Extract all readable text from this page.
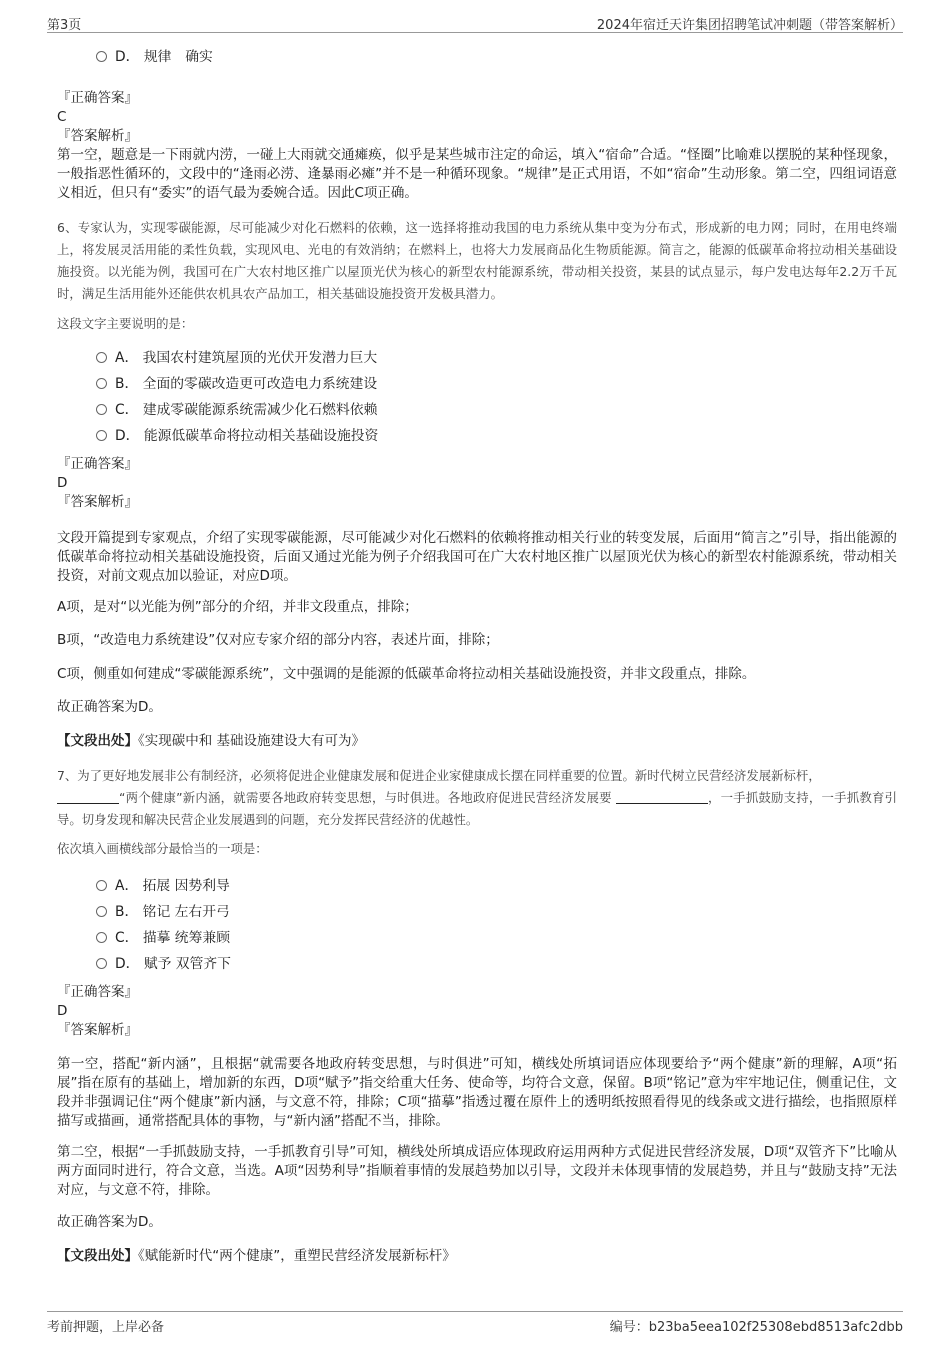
第3页	2024年宿迁天许集团招聘笔试冲刺题（带答案解析）
D． 规律　确实

『正确答案』

C

『答案解析』

第一空，题意是一下雨就内涝，一碰上大雨就交通瘫痪，似乎是某些城市注定的命运，填入“宿命”合适。“怪圈”比喻难以摆脱的某种怪现象，一般指恶性循环的，文段中的“逢雨必涝、逢暴雨必瘫”并不是一种循环现象。“规律”是正式用语，不如“宿命”生动形象。第二空，四组词语意义相近，但只有“委实”的语气最为委婉合适。因此C项正确。

6、专家认为，实现零碳能源，尽可能减少对化石燃料的依赖，这一选择将推动我国的电力系统从集中变为分布式，形成新的电力网；同时，在用电终端上，将发展灵活用能的柔性负载，实现风电、光电的有效消纳；在燃料上，也将大力发展商品化生物质能源。简言之，能源的低碳革命将拉动相关基础设施投资。以光能为例，我国可在广大农村地区推广以屋顶光伏为核心的新型农村能源系统，带动相关投资，某县的试点显示，每户发电达每年2.2万千瓦时，满足生活用能外还能供农机具农产品加工，相关基础设施投资开发极具潜力。

这段文字主要说明的是：

A． 我国农村建筑屋顶的光伏开发潜力巨大
B． 全面的零碳改造更可改造电力系统建设
C． 建成零碳能源系统需减少化石燃料依赖
D． 能源低碳革命将拉动相关基础设施投资

『正确答案』

D

『答案解析』

文段开篇提到专家观点，介绍了实现零碳能源，尽可能减少对化石燃料的依赖将推动相关行业的转变发展，后面用“简言之”引导，指出能源的低碳革命将拉动相关基础设施投资，后面又通过光能为例子介绍我国可在广大农村地区推广以屋顶光伏为核心的新型农村能源系统，带动相关投资，对前文观点加以验证，对应D项。

A项，是对“以光能为例”部分的介绍，并非文段重点，排除；

B项，“改造电力系统建设”仅对应专家介绍的部分内容，表述片面，排除；

C项，侧重如何建成“零碳能源系统”，文中强调的是能源的低碳革命将拉动相关基础设施投资，并非文段重点，排除。

故正确答案为D。

【文段出处】《实现碳中和 基础设施建设大有可为》

7、为了更好地发展非公有制经济，必须将促进企业健康发展和促进企业家健康成长摆在同样重要的位置。新时代树立民营经济发展新标杆，
“两个健康”新内涵，就需要各地政府转变思想，与时俱进。各地政府促进民营经济发展要	，一手抓鼓励支持，一手抓教育引导。切身发现和解决民营企业发展遇到的问题，充分发挥民营经济的优越性。

依次填入画横线部分最恰当的一项是：

A． 拓展 因势利导
B． 铭记 左右开弓
C． 描摹 统筹兼顾
D． 赋予 双管齐下

『正确答案』

D

『答案解析』

第一空，搭配“新内涵”，且根据“就需要各地政府转变思想，与时俱进”可知，横线处所填词语应体现要给予“两个健康”新的理解，A项“拓展”指在原有的基础上，增加新的东西，D项“赋予”指交给重大任务、使命等，均符合文意，保留。B项“铭记”意为牢牢地记住，侧重记住，文段并非强调记住“两个健康”新内涵，与文意不符，排除；C项“描摹”指透过覆在原件上的透明纸按照看得见的线条或文进行描绘，也指照原样描写或描画，通常搭配具体的事物，与“新内涵”搭配不当，排除。

第二空，根据“一手抓鼓励支持，一手抓教育引导”可知，横线处所填成语应体现政府运用两种方式促进民营经济发展，D项“双管齐下”比喻从两方面同时进行，符合文意，当选。A项“因势利导”指顺着事情的发展趋势加以引导，文段并未体现事情的发展趋势，并且与“鼓励支持”无法对应，与文意不符，排除。

故正确答案为D。

【文段出处】《赋能新时代“两个健康”，重塑民营经济发展新标杆》

考前押题，上岸必备	编号：b23ba5eea102f25308ebd8513afc2dbb
